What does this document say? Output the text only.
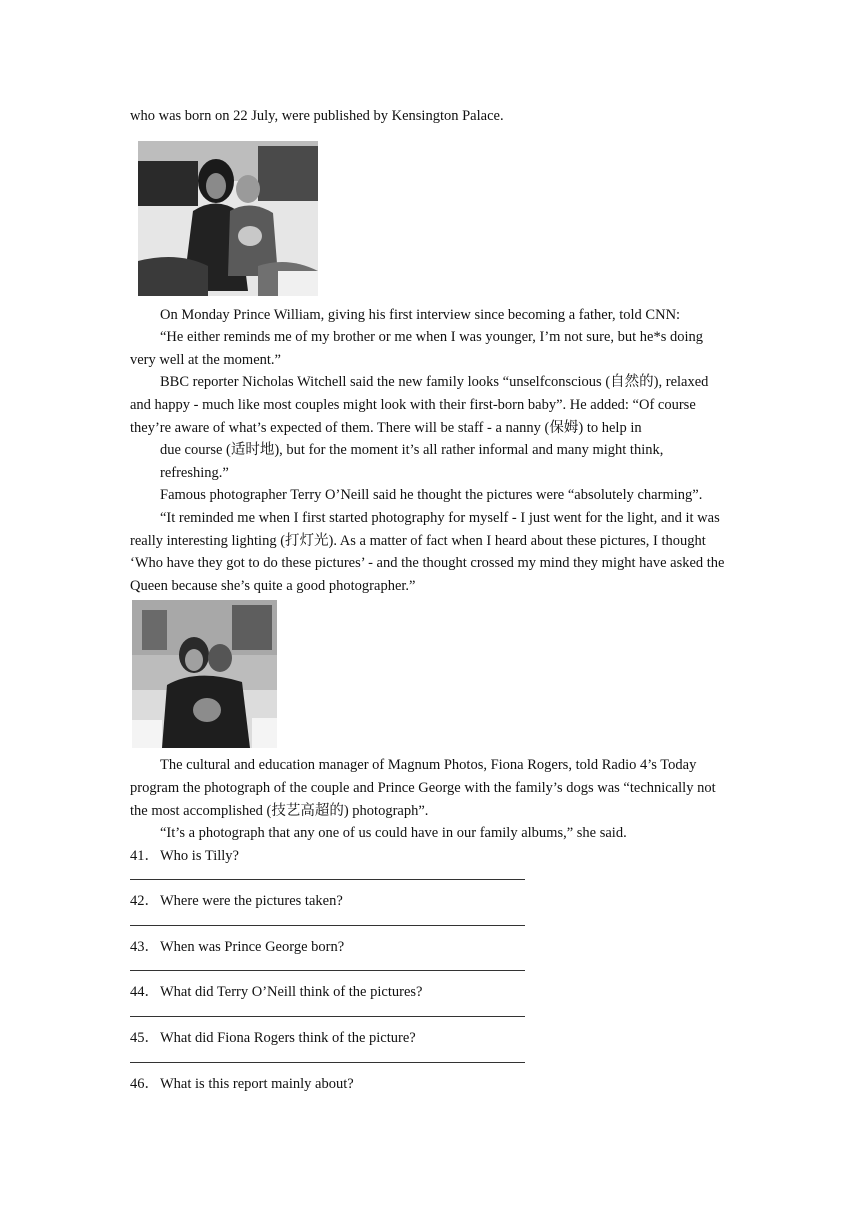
who was born on 22 July, were published by Kensington Palace.
On Monday Prince William, giving his first interview since becoming a father, told CNN:
“He either reminds me of my brother or me when I was younger, I’m not sure, but he*s doing very well at the moment.”
BBC reporter Nicholas Witchell said the new family looks “unselfconscious (自然的), relaxed and happy - much like most couples might look with their first-born baby”. He added: “Of course they’re aware of what’s expected of them. There will be staff - a nanny (保姆) to help in
due course (适时地), but for the moment it’s all rather informal and many might think, refreshing.”
Famous photographer Terry O’Neill said he thought the pictures were “absolutely charming”.
“It reminded me when I first started photography for myself - I just went for the light, and it was really interesting lighting (打灯光). As a matter of fact when I heard about these pictures, I thought ‘Who have they got to do these pictures’ - and the thought crossed my mind they might have asked the Queen because she’s quite a good photographer.”
The cultural and education manager of Magnum Photos, Fiona Rogers, told Radio 4’s Today program the photograph of the couple and Prince George with the family’s dogs was “technically not the most accomplished (技艺高超的) photograph”.
“It’s a photograph that any one of us could have in our family albums,” she said.
41．Who is Tilly?
42．Where were the pictures taken?
43．When was Prince George born?
44．What did Terry O’Neill think of the pictures?
45．What did Fiona Rogers think of the picture?
46．What is this report mainly about?
